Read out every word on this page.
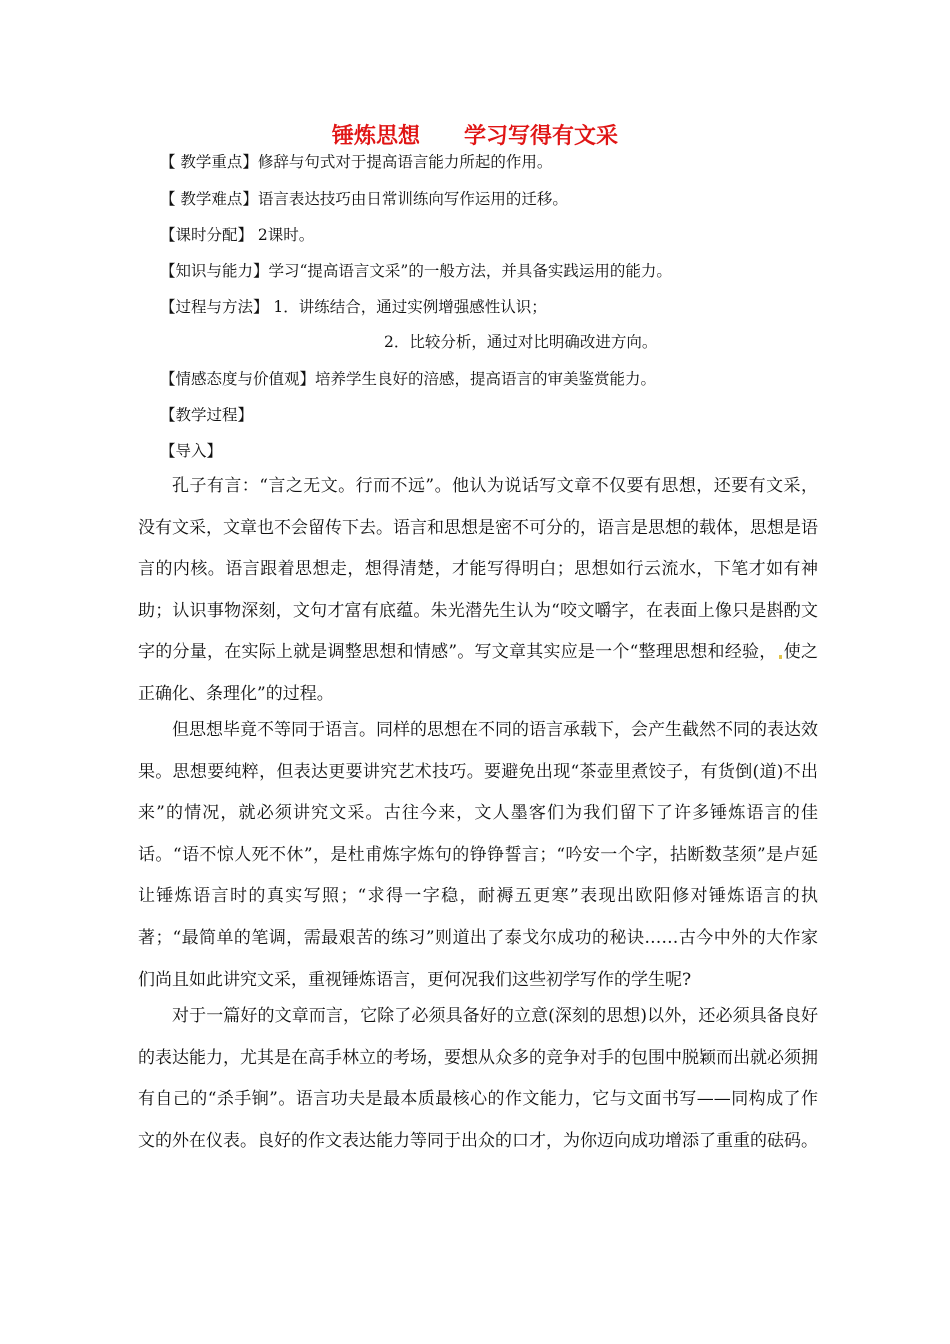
锤炼思想 学习写得有文采
【 教学重点】修辞与句式对于提高语言能力所起的作用。
【 教学难点】语言表达技巧由日常训练向写作运用的迁移。
【课时分配】 2课时。
【知识与能力】学习“提高语言文采”的一般方法，并具备实践运用的能力。
【过程与方法】 1．讲练结合，通过实例增强感性认识；
2．比较分析，通过对比明确改进方向。
【情感态度与价值观】培养学生良好的涪感，提高语言的审美鉴赏能力。
【教学过程】
【导入】

孔子有言：“言之无文。行而不远”。他认为说话写文章不仅要有思想，还要有文采，没有文采，文章也不会留传下去。语言和思想是密不可分的，语言是思想的载体，思想是语言的内核。语言跟着思想走，想得清楚，才能写得明白；思想如行云流水，下笔才如有神助；认识事物深刻，文句才富有底蕴。朱光潜先生认为“咬文嚼字，在表面上像只是斟酌文字的分量，在实际上就是调整思想和情感”。写文章其实应是一个“整理思想和经验， 使之正确化、条理化”的过程。

但思想毕竟不等同于语言。同样的思想在不同的语言承载下，会产生截然不同的表达效果。思想要纯粹，但表达更要讲究艺术技巧。要避免出现“茶壶里煮饺子，有货倒(道)不出来”的情况，就必须讲究文采。古往今来，文人墨客们为我们留下了许多锤炼语言的佳话。“语不惊人死不休”，是杜甫炼字炼句的铮铮誓言；“吟安一个字，拈断数茎须”是卢延让锤炼语言时的真实写照；“求得一字稳，耐褥五更寒”表现出欧阳修对锤炼语言的执著；“最简单的笔调，需最艰苦的练习”则道出了泰戈尔成功的秘诀……古今中外的大作家们尚且如此讲究文采，重视锤炼语言，更何况我们这些初学写作的学生呢?

对于一篇好的文章而言，它除了必须具备好的立意(深刻的思想)以外，还必须具备良好的表达能力，尤其是在高手林立的考场，要想从众多的竞争对手的包围中脱颖而出就必须拥有自己的“杀手锏”。语言功夫是最本质最核心的作文能力，它与文面书写——同构成了作文的外在仪表。良好的作文表达能力等同于出众的口才，为你迈向成功增添了重重的砝码。
